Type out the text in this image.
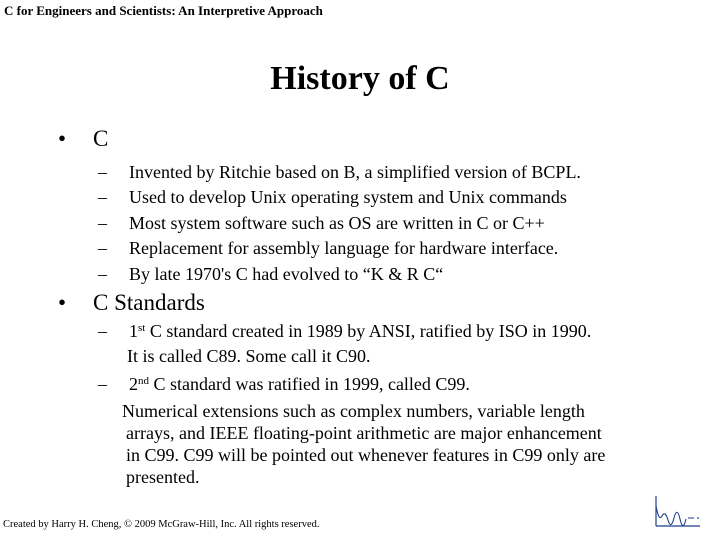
C for Engineers and Scientists: An Interpretive Approach
History of C
• C
– Invented by Ritchie based on B, a simplified version of BCPL.
– Used to develop Unix operating system and Unix commands
– Most system software such as OS are written in C or C++
– Replacement for assembly language for hardware interface.
– By late 1970's C had evolved to “K & R C“
• C Standards
– 1st C standard created in 1989 by ANSI, ratified by ISO in 1990.
It is called C89. Some call it C90.
– 2nd C standard was ratified in 1999, called C99.
Numerical extensions such as complex numbers, variable length
arrays, and IEEE floating-point arithmetic are major enhancement
in C99. C99 will be pointed out whenever features in C99 only are
presented.
Created by Harry H. Cheng, © 2009 McGraw-Hill, Inc. All rights reserved.
